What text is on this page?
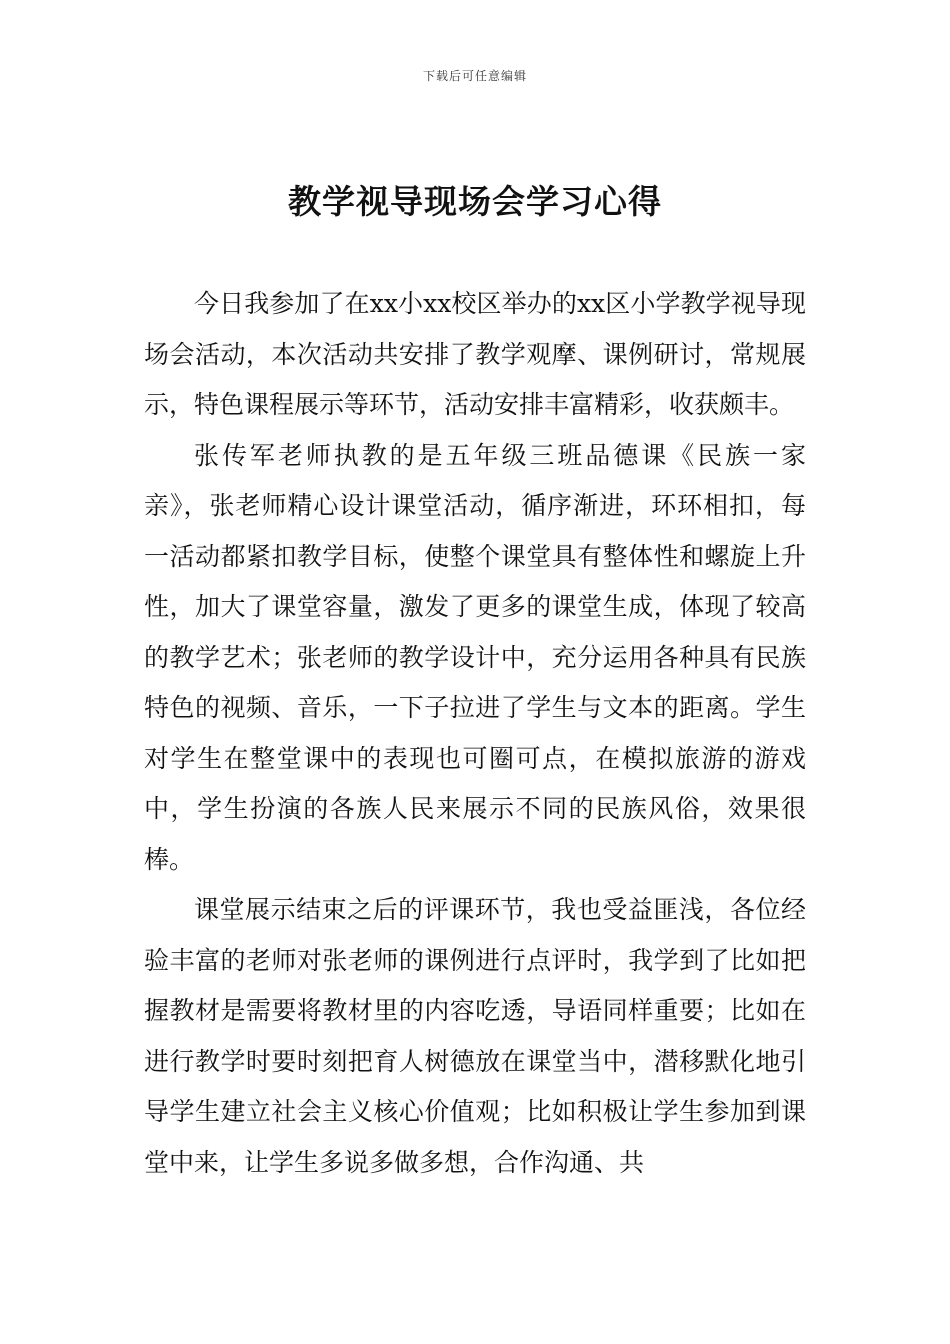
下载后可任意编辑
教学视导现场会学习心得

今日我参加了在xx小xx校区举办的xx区小学教学视导现场会活动，本次活动共安排了教学观摩、课例研讨，常规展示，特色课程展示等环节，活动安排丰富精彩，收获颇丰。

张传军老师执教的是五年级三班品德课《民族一家亲》，张老师精心设计课堂活动，循序渐进，环环相扣，每一活动都紧扣教学目标，使整个课堂具有整体性和螺旋上升性，加大了课堂容量，激发了更多的课堂生成，体现了较高的教学艺术；张老师的教学设计中，充分运用各种具有民族特色的视频、音乐，一下子拉进了学生与文本的距离。学生对学生在整堂课中的表现也可圈可点，在模拟旅游的游戏中，学生扮演的各族人民来展示不同的民族风俗，效果很棒。

课堂展示结束之后的评课环节，我也受益匪浅，各位经验丰富的老师对张老师的课例进行点评时，我学到了比如把握教材是需要将教材里的内容吃透，导语同样重要；比如在进行教学时要时刻把育人树德放在课堂当中，潜移默化地引导学生建立社会主义核心价值观；比如积极让学生参加到课堂中来，让学生多说多做多想，合作沟通、共
